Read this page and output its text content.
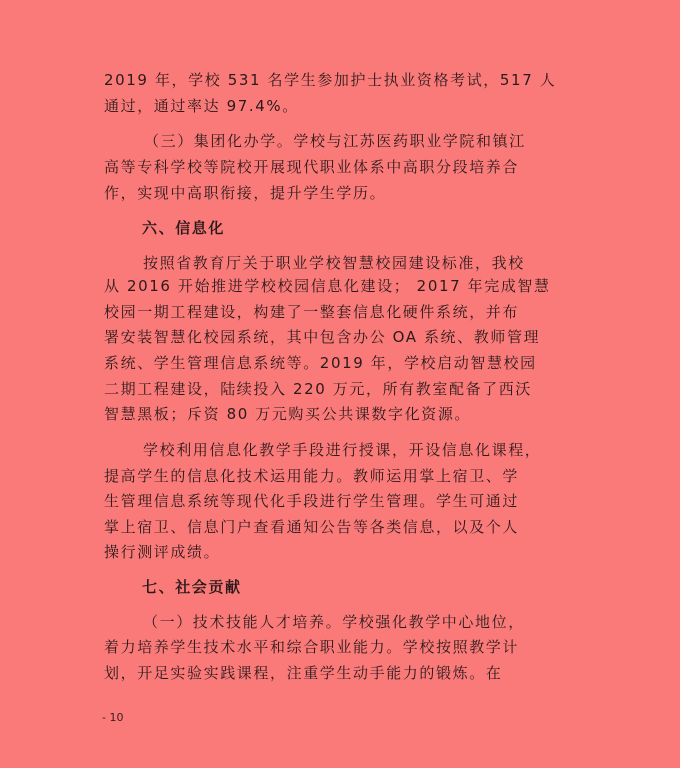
2019 年，学校 531 名学生参加护士执业资格考试，517 人
通过，通过率达 97.4%。
（三）集团化办学。学校与江苏医药职业学院和镇江
高等专科学校等院校开展现代职业体系中高职分段培养合
作，实现中高职衔接，提升学生学历。
六、信息化
按照省教育厅关于职业学校智慧校园建设标准，我校
从 2016 开始推进学校校园信息化建设； 2017 年完成智慧
校园一期工程建设，构建了一整套信息化硬件系统，并布
署安装智慧化校园系统，其中包含办公 OA 系统、教师管理
系统、学生管理信息系统等。2019 年，学校启动智慧校园
二期工程建设，陆续投入 220 万元，所有教室配备了西沃
智慧黑板；斥资 80 万元购买公共课数字化资源。
学校利用信息化教学手段进行授课，开设信息化课程，
提高学生的信息化技术运用能力。教师运用掌上宿卫、学
生管理信息系统等现代化手段进行学生管理。学生可通过
掌上宿卫、信息门户查看通知公告等各类信息，以及个人
操行测评成绩。
七、社会贡献
（一）技术技能人才培养。学校强化教学中心地位，
着力培养学生技术水平和综合职业能力。学校按照教学计
划，开足实验实践课程，注重学生动手能力的锻炼。在
- 10
